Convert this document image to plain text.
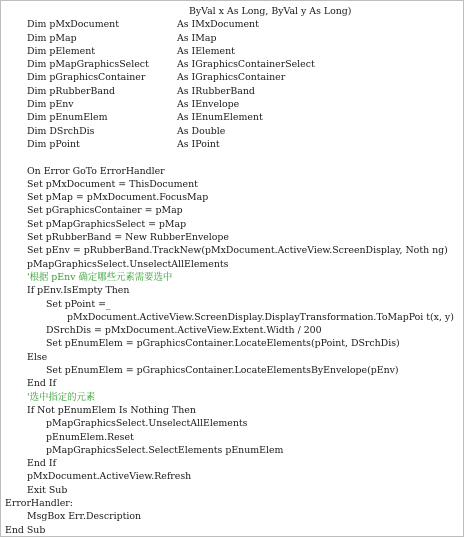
ByVal x As Long, ByVal y As Long)
Dim pMxDocument	As IMxDocument
Dim pMap	As IMap
Dim pElement	As IElement
Dim pMapGraphicsSelect	As IGraphicsContainerSelect
Dim pGraphicsContainer	As IGraphicsContainer
Dim pRubberBand	As IRubberBand
Dim pEnv	As IEnvelope
Dim pEnumElem	As IEnumElement
Dim DSrchDis	As Double
Dim pPoint	As IPoint
On Error GoTo ErrorHandler
Set pMxDocument = ThisDocument
Set pMap = pMxDocument.FocusMap
Set pGraphicsContainer = pMap
Set pMapGraphicsSelect = pMap
Set pRubberBand = New RubberEnvelope
Set pEnv = pRubberBand.TrackNew(pMxDocument.ActiveView.ScreenDisplay, Noth ng)
pMapGraphicsSelect.UnselectAllElements
'根据 pEnv 确定哪些元素需要选中
If pEnv.IsEmpty Then
Set pPoint =_
pMxDocument.ActiveView.ScreenDisplay.DisplayTransformation.ToMapPoi t(x, y)
DSrchDis = pMxDocument.ActiveView.Extent.Width / 200
Set pEnumElem = pGraphicsContainer.LocateElements(pPoint, DSrchDis)
Else
Set pEnumElem = pGraphicsContainer.LocateElementsByEnvelope(pEnv)
End If
'选中指定的元素
If Not pEnumElem Is Nothing Then
pMapGraphicsSelect.UnselectAllElements
pEnumElem.Reset
pMapGraphicsSelect.SelectElements pEnumElem
End If
pMxDocument.ActiveView.Refresh
Exit Sub
ErrorHandler:
MsgBox Err.Description
End Sub
